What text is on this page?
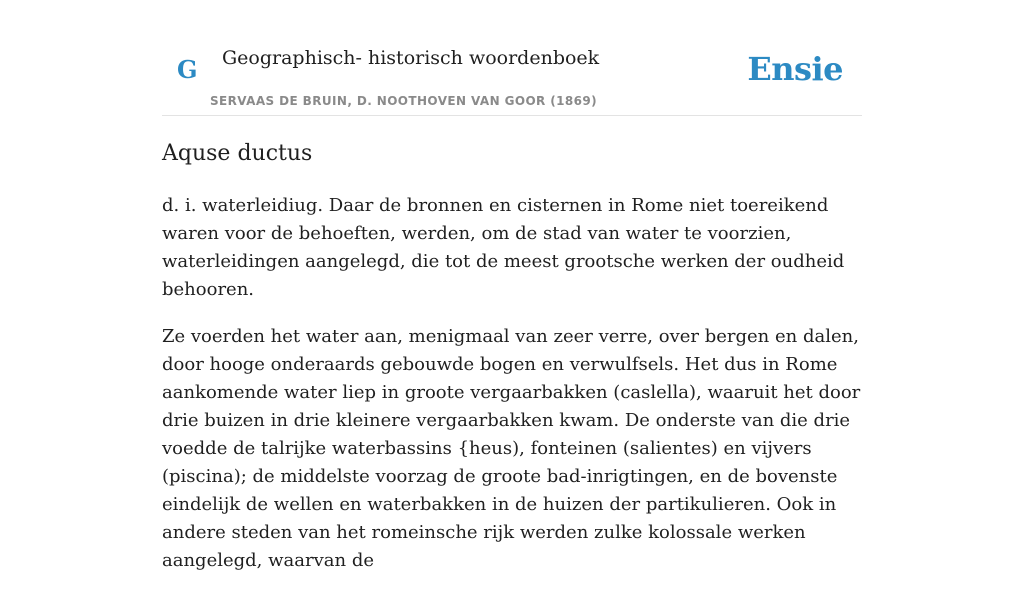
G Geographisch- historisch woordenboek
SERVAAS DE BRUIN, D. NOOTHOVEN VAN GOOR (1869)
Ensie
Aquse ductus

d. i. waterleidiug. Daar de bronnen en cisternen in Rome niet toereikend waren voor de behoeften, werden, om de stad van water te voorzien, waterleidingen aangelegd, die tot de meest grootsche werken der oudheid behooren.

Ze voerden het water aan, menigmaal van zeer verre, over bergen en dalen, door hooge onderaards gebouwde bogen en verwulfsels. Het dus in Rome aankomende water liep in groote vergaarbakken (caslella), waaruit het door drie buizen in drie kleinere vergaarbakken kwam. De onderste van die drie voedde de talrijke waterbassins {heus), fonteinen (salientes) en vijvers (piscina); de middelste voorzag de groote bad-inrigtingen, en de bovenste eindelijk de wellen en waterbakken in de huizen der partikulieren. Ook in andere steden van het romeinsche rijk werden zulke kolossale werken aangelegd, waarvan de
